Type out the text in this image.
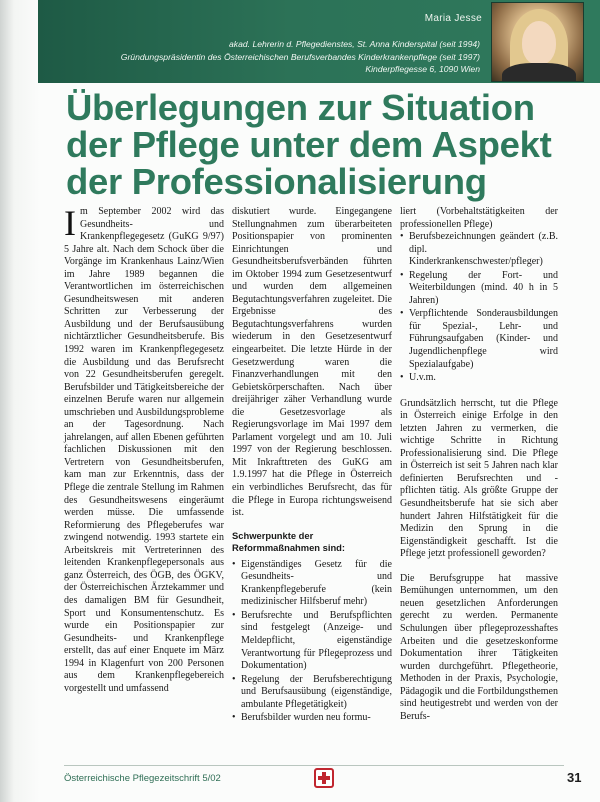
Maria Jesse
akad. Lehrerin d. Pflegedienstes, St. Anna Kinderspital (seit 1994)
Gründungspräsidentin des Österreichischen Berufsverbandes Kinderkrankenpflege (seit 1997)
Kinderpflegesse 6, 1090 Wien
Überlegungen zur Situation der Pflege unter dem Aspekt der Professionalisierung

Im September 2002 wird das Gesundheits- und Krankenpflegegesetz (GuKG 9/97) 5 Jahre alt. Nach dem Schock über die Vorgänge im Krankenhaus Lainz/Wien im Jahre 1989 begannen die Verantwortlichen im österreichischen Gesundheitswesen mit anderen Schritten zur Verbesserung der Ausbildung und der Berufsausübung nichtärztlicher Gesundheitsberufe. Bis 1992 waren im Krankenpflegegesetz die Ausbildung und das Berufsrecht von 22 Gesundheitsberufen geregelt. Berufsbilder und Tätigkeitsbereiche der einzelnen Berufe waren nur allgemein umschrieben und Ausbildungsprobleme an der Tagesordnung. Nach jahrelangen, auf allen Ebenen geführten fachlichen Diskussionen mit den Vertretern von Gesundheitsberufen, kam man zur Erkenntnis, dass der Pflege die zentrale Stellung im Rahmen des Gesundheitswesens eingeräumt werden müsse. Die umfassende Reformierung des Pflegeberufes war zwingend notwendig. 1993 startete ein Arbeitskreis mit Vertreterinnen des leitenden Krankenpflegepersonals aus ganz Österreich, des ÖGB, des ÖGKV, der Österreichischen Ärztekammer und des damaligen BM für Gesundheit, Sport und Konsumentenschutz. Es wurde ein Positionspapier zur Gesundheits- und Krankenpflege erstellt, das auf einer Enquete im März 1994 in Klagenfurt von 200 Personen aus dem Krankenpflegebereich vorgestellt und umfassend

diskutiert wurde. Eingegangene Stellungnahmen zum überarbeiteten Positionspapier von prominenten Einrichtungen und Gesundheitsberufsverbänden führten im Oktober 1994 zum Gesetzesentwurf und wurden dem allgemeinen Begutachtungsverfahren zugeleitet. Die Ergebnisse des Begutachtungsverfahrens wurden wiederum in den Gesetzesentwurf eingearbeitet. Die letzte Hürde in der Gesetzwerdung waren die Finanzverhandlungen mit den Gebietskörperschaften. Nach über dreijähriger zäher Verhandlung wurde die Gesetzesvorlage als Regierungsvorlage im Mai 1997 dem Parlament vorgelegt und am 10. Juli 1997 von der Regierung beschlossen. Mit Inkrafttreten des GuKG am 1.9.1997 hat die Pflege in Österreich ein verbindliches Berufsrecht, das für die Pflege in Europa richtungsweisend ist.

Schwerpunkte der Reformmaßnahmen sind:
• Eigenständiges Gesetz für die Gesundheits- und Krankenpflegeberufe (kein medizinischer Hilfsberuf mehr)
• Berufsrechte und Berufspflichten sind festgelegt (Anzeige- und Meldepflicht, eigenständige Verantwortung für Pflegeprozess und Dokumentation)
• Regelung der Berufsberechtigung und Berufsausübung (eigenständige, ambulante Pflegetätigkeit)
• Berufsbilder wurden neu formu-

liert (Vorbehaltstätigkeiten der professionellen Pflege)

• Berufsbezeichnungen geändert (z.B. dipl. Kinderkrankenschwester/pfleger)
• Regelung der Fort- und Weiterbildungen (mind. 40 h in 5 Jahren)
• Verpflichtende Sonderausbildungen für Spezial-, Lehr- und Führungsaufgaben (Kinder- und Jugendlichenpflege wird Spezialaufgabe)
• U.v.m.

Grundsätzlich herrscht, tut die Pflege in Österreich einige Erfolge in den letzten Jahren zu vermerken, die wichtige Schritte in Richtung Professionalisierung sind. Die Pflege in Österreich ist seit 5 Jahren nach klar definierten Berufsrechten und -pflichten tätig. Als größte Gruppe der Gesundheitsberufe hat sie sich aber hundert Jahren Hilfstätigkeit für die Medizin den Sprung in die Eigenständigkeit geschafft. Ist die Pflege jetzt professionell geworden?

Die Berufsgruppe hat massive Bemühungen unternommen, um den neuen gesetzlichen Anforderungen gerecht zu werden. Permanente Schulungen über pflegeprozesshaftes Arbeiten und die gesetzeskonforme Dokumentation ihrer Tätigkeiten wurden durchgeführt. Pflegetheorie, Methoden in der Praxis, Psychologie, Pädagogik und die Fortbildungsthemen sind heutigestrebt und werden von der Berufs-

Österreichische Pflegezeitschrift 5/02	31
